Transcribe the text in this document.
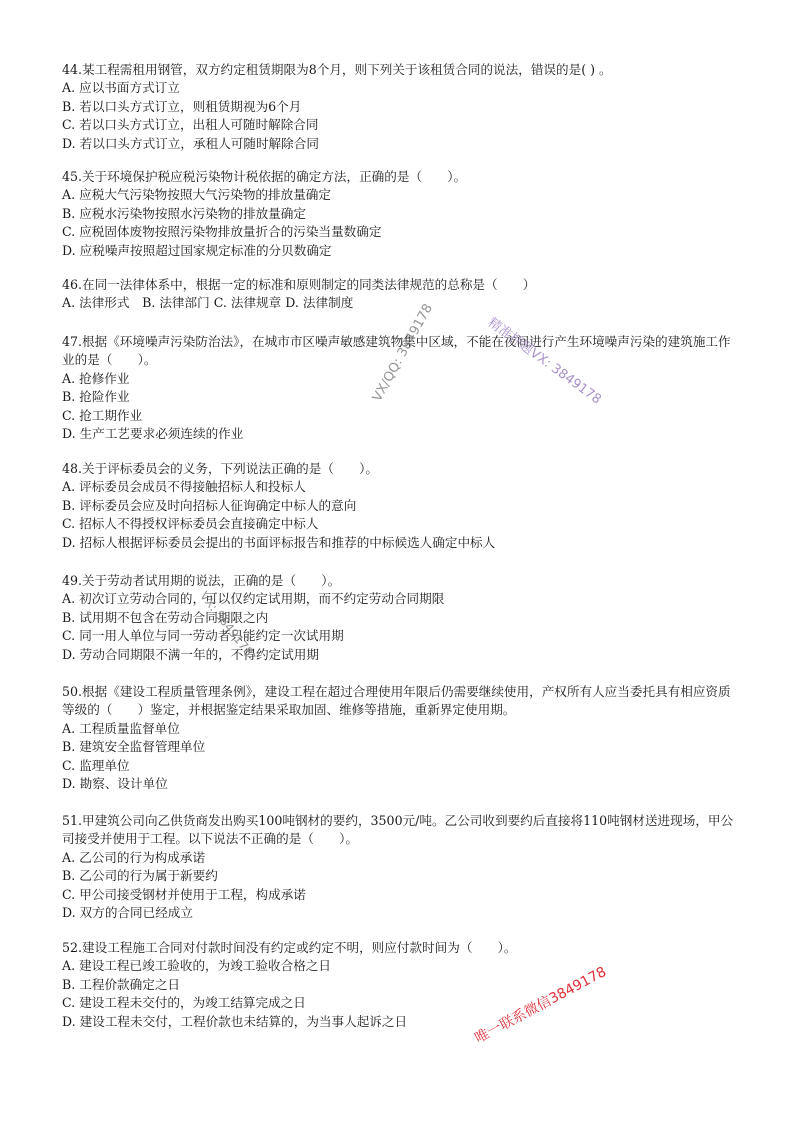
44.某工程需租用钢管，双方约定租赁期限为8个月，则下列关于该租赁合同的说法，错误的是( ) 。

A. 应以书面方式订立

B. 若以口头方式订立，则租赁期视为6个月

C. 若以口头方式订立，出租人可随时解除合同

D. 若以口头方式订立，承租人可随时解除合同

45.关于环境保护税应税污染物计税依据的确定方法，正确的是（　　）。

A. 应税大气污染物按照大气污染物的排放量确定

B. 应税水污染物按照水污染物的排放量确定

C. 应税固体废物按照污染物排放量折合的污染当量数确定

D. 应税噪声按照超过国家规定标准的分贝数确定

46.在同一法律体系中，根据一定的标准和原则制定的同类法律规范的总称是（　　）

A. 法律形式　B. 法律部门 C. 法律规章 D. 法律制度

47.根据《环境噪声污染防治法》，在城市市区噪声敏感建筑物集中区域，不能在夜间进行产生环境噪声污染的建筑施工作业的是（　　）。

A. 抢修作业

B. 抢险作业

C. 抢工期作业

D. 生产工艺要求必须连续的作业

48.关于评标委员会的义务，下列说法正确的是（　　）。

A. 评标委员会成员不得接触招标人和投标人

B. 评标委员会应及时向招标人征询确定中标人的意向

C. 招标人不得授权评标委员会直接确定中标人

D. 招标人根据评标委员会提出的书面评标报告和推荐的中标候选人确定中标人

49.关于劳动者试用期的说法，正确的是（　　）。

A. 初次订立劳动合同的，可以仅约定试用期，而不约定劳动合同期限

B. 试用期不包含在劳动合同期限之内

C. 同一用人单位与同一劳动者只能约定一次试用期

D. 劳动合同期限不满一年的，不得约定试用期

50.根据《建设工程质量管理条例》，建设工程在超过合理使用年限后仍需要继续使用，产权所有人应当委托具有相应资质等级的（　　）鉴定，并根据鉴定结果采取加固、维修等措施，重新界定使用期。

A. 工程质量监督单位

B. 建筑安全监督管理单位

C. 监理单位

D. 勘察、设计单位

51.甲建筑公司向乙供货商发出购买100吨钢材的要约，3500元/吨。乙公司收到要约后直接将110吨钢材送进现场，甲公司接受并使用于工程。以下说法不正确的是（　　）。

A. 乙公司的行为构成承诺

B. 乙公司的行为属于新要约

C. 甲公司接受钢材并使用于工程，构成承诺

D. 双方的合同已经成立

52.建设工程施工合同对付款时间没有约定或约定不明，则应付款时间为（　　）。

A. 建设工程已竣工验收的，为竣工验收合格之日

B. 工程价款确定之日

C. 建设工程未交付的，为竣工结算完成之日

D. 建设工程未交付，工程价款也未结算的，为当事人起诉之日

VX/QQ: 3849178	精准押题VX: 3849178
VX: 3849178
唯一联系微信3849178
